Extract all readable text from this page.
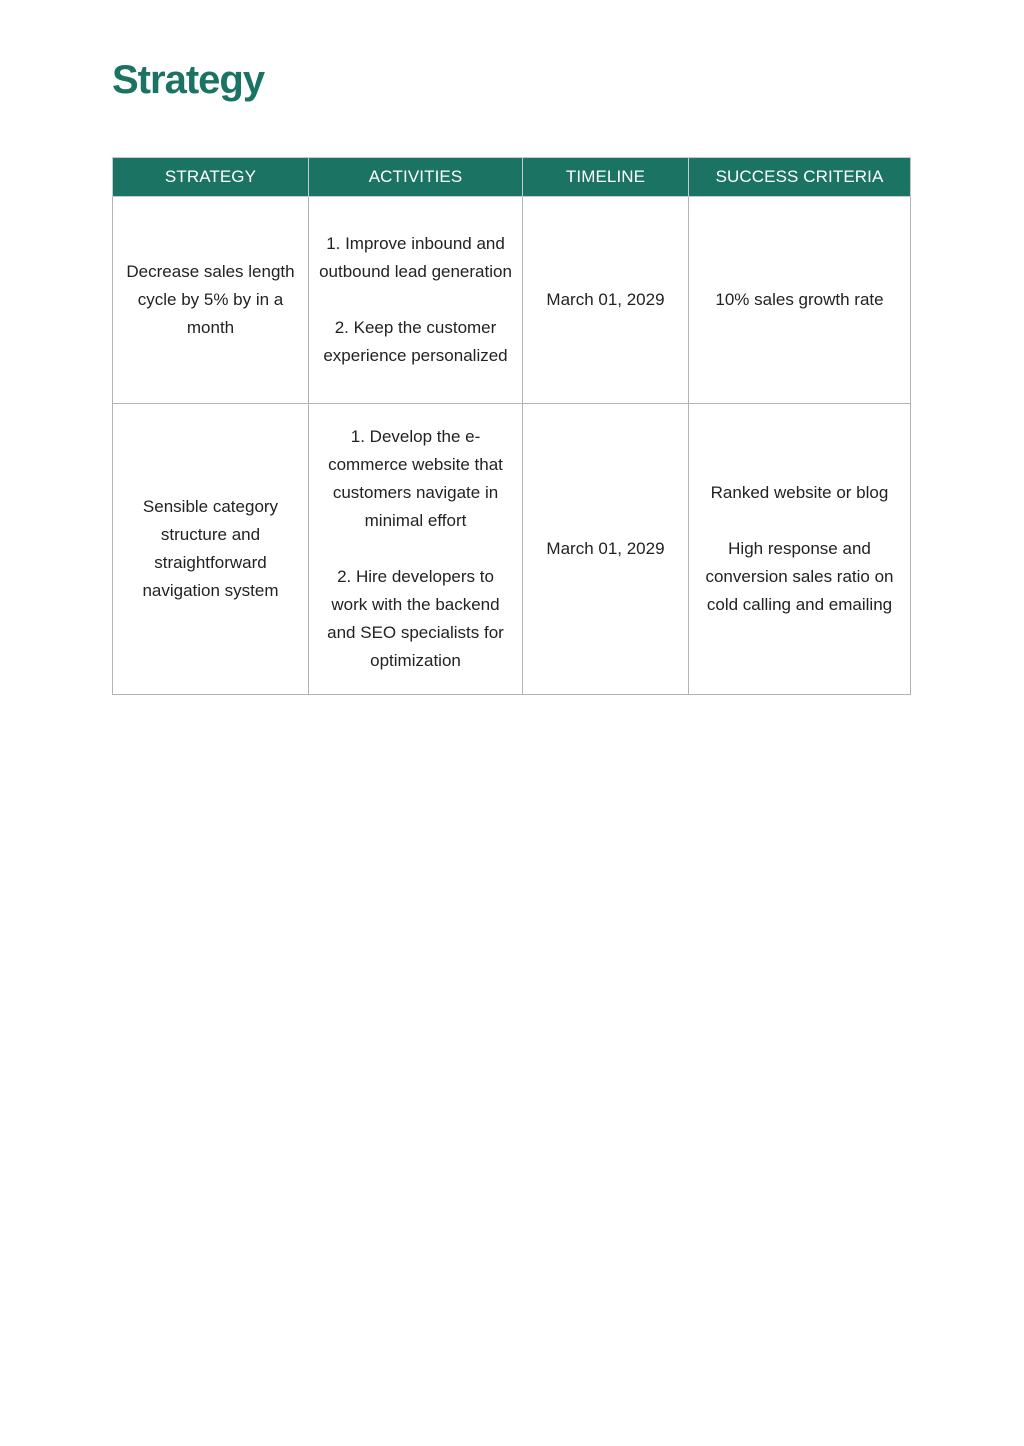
Strategy
STRATEGY	ACTIVITIES	TIMELINE	SUCCESS CRITERIA

Decrease sales length cycle by 5% by in a month	1. Improve inbound and outbound lead generation
2. Keep the customer experience personalized	March 01, 2029	10% sales growth rate

Sensible category structure and straightforward navigation system	1. Develop the e-commerce website that customers navigate in minimal effort
2. Hire developers to work with the backend and SEO specialists for optimization	March 01, 2029	Ranked website or blog
High response and conversion sales ratio on cold calling and emailing
